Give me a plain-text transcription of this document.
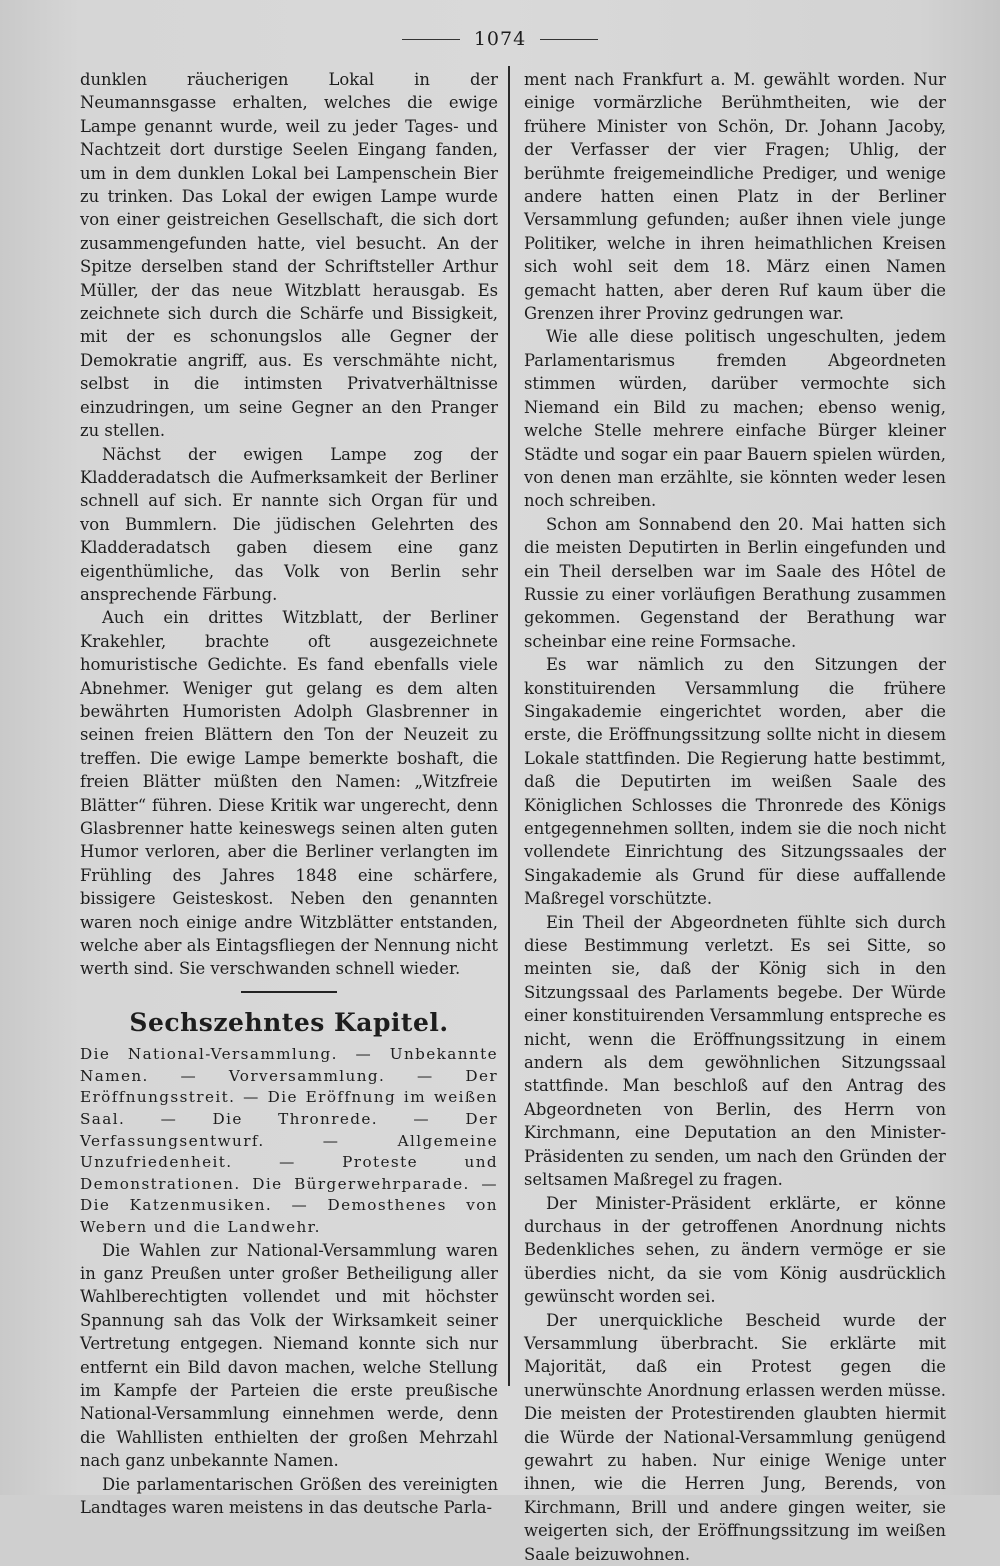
1074

dunklen räucherigen Lokal in der Neumannsgasse erhalten, welches die ewige Lampe genannt wurde, weil zu jeder Tages- und Nachtzeit dort durstige Seelen Eingang fanden, um in dem dunklen Lokal bei Lampenschein Bier zu trinken. Das Lokal der ewigen Lampe wurde von einer geistreichen Gesellschaft, die sich dort zusammengefunden hatte, viel besucht. An der Spitze derselben stand der Schriftsteller Arthur Müller, der das neue Witzblatt herausgab. Es zeichnete sich durch die Schärfe und Bissigkeit, mit der es schonungslos alle Gegner der Demokratie angriff, aus. Es verschmähte nicht, selbst in die intimsten Privatverhältnisse einzudringen, um seine Gegner an den Pranger zu stellen.

Nächst der ewigen Lampe zog der Kladderadatsch die Aufmerksamkeit der Berliner schnell auf sich. Er nannte sich Organ für und von Bummlern. Die jüdischen Gelehrten des Kladderadatsch gaben diesem eine ganz eigenthümliche, das Volk von Berlin sehr ansprechende Färbung.

Auch ein drittes Witzblatt, der Berliner Krakehler, brachte oft ausgezeichnete homuristische Gedichte. Es fand ebenfalls viele Abnehmer. Weniger gut gelang es dem alten bewährten Humoristen Adolph Glasbrenner in seinen freien Blättern den Ton der Neuzeit zu treffen. Die ewige Lampe bemerkte boshaft, die freien Blätter müßten den Namen: „Witzfreie Blätter“ führen. Diese Kritik war ungerecht, denn Glasbrenner hatte keineswegs seinen alten guten Humor verloren, aber die Berliner verlangten im Frühling des Jahres 1848 eine schärfere, bissigere Geisteskost. Neben den genannten waren noch einige andre Witzblätter entstanden, welche aber als Eintagsfliegen der Nennung nicht werth sind. Sie verschwanden schnell wieder.

Sechszehntes Kapitel.

Die National-Versammlung. — Unbekannte Namen. — Vorversammlung. — Der Eröffnungsstreit. — Die Eröffnung im weißen Saal. — Die Thronrede. — Der Verfassungsentwurf. — Allgemeine Unzufriedenheit. — Proteste und Demonstrationen. Die Bürgerwehrparade. — Die Katzenmusiken. — Demosthenes von Webern und die Landwehr.

Die Wahlen zur National-Versammlung waren in ganz Preußen unter großer Betheiligung aller Wahlberechtigten vollendet und mit höchster Spannung sah das Volk der Wirksamkeit seiner Vertretung entgegen. Niemand konnte sich nur entfernt ein Bild davon machen, welche Stellung im Kampfe der Parteien die erste preußische National-Versammlung einnehmen werde, denn die Wahllisten enthielten der großen Mehrzahl nach ganz unbekannte Namen.

Die parlamentarischen Größen des vereinigten Landtages waren meistens in das deutsche Parla-

ment nach Frankfurt a. M. gewählt worden. Nur einige vormärzliche Berühmtheiten, wie der frühere Minister von Schön, Dr. Johann Jacoby, der Verfasser der vier Fragen; Uhlig, der berühmte freigemeindliche Prediger, und wenige andere hatten einen Platz in der Berliner Versammlung gefunden; außer ihnen viele junge Politiker, welche in ihren heimathlichen Kreisen sich wohl seit dem 18. März einen Namen gemacht hatten, aber deren Ruf kaum über die Grenzen ihrer Provinz gedrungen war.

Wie alle diese politisch ungeschulten, jedem Parlamentarismus fremden Abgeordneten stimmen würden, darüber vermochte sich Niemand ein Bild zu machen; ebenso wenig, welche Stelle mehrere einfache Bürger kleiner Städte und sogar ein paar Bauern spielen würden, von denen man erzählte, sie könnten weder lesen noch schreiben.

Schon am Sonnabend den 20. Mai hatten sich die meisten Deputirten in Berlin eingefunden und ein Theil derselben war im Saale des Hôtel de Russie zu einer vorläufigen Berathung zusammen gekommen. Gegenstand der Berathung war scheinbar eine reine Formsache.

Es war nämlich zu den Sitzungen der konstituirenden Versammlung die frühere Singakademie eingerichtet worden, aber die erste, die Eröffnungssitzung sollte nicht in diesem Lokale stattfinden. Die Regierung hatte bestimmt, daß die Deputirten im weißen Saale des Königlichen Schlosses die Thronrede des Königs entgegennehmen sollten, indem sie die noch nicht vollendete Einrichtung des Sitzungssaales der Singakademie als Grund für diese auffallende Maßregel vorschützte.

Ein Theil der Abgeordneten fühlte sich durch diese Bestimmung verletzt. Es sei Sitte, so meinten sie, daß der König sich in den Sitzungssaal des Parlaments begebe. Der Würde einer konstituirenden Versammlung entspreche es nicht, wenn die Eröffnungssitzung in einem andern als dem gewöhnlichen Sitzungssaal stattfinde. Man beschloß auf den Antrag des Abgeordneten von Berlin, des Herrn von Kirchmann, eine Deputation an den Minister-Präsidenten zu senden, um nach den Gründen der seltsamen Maßregel zu fragen.

Der Minister-Präsident erklärte, er könne durchaus in der getroffenen Anordnung nichts Bedenkliches sehen, zu ändern vermöge er sie überdies nicht, da sie vom König ausdrücklich gewünscht worden sei.

Der unerquickliche Bescheid wurde der Versammlung überbracht. Sie erklärte mit Majorität, daß ein Protest gegen die unerwünschte Anordnung erlassen werden müsse. Die meisten der Protestirenden glaubten hiermit die Würde der National-Versammlung genügend gewahrt zu haben. Nur einige Wenige unter ihnen, wie die Herren Jung, Berends, von Kirchmann, Brill und andere gingen weiter, sie weigerten sich, der Eröffnungssitzung im weißen Saale beizuwohnen.
